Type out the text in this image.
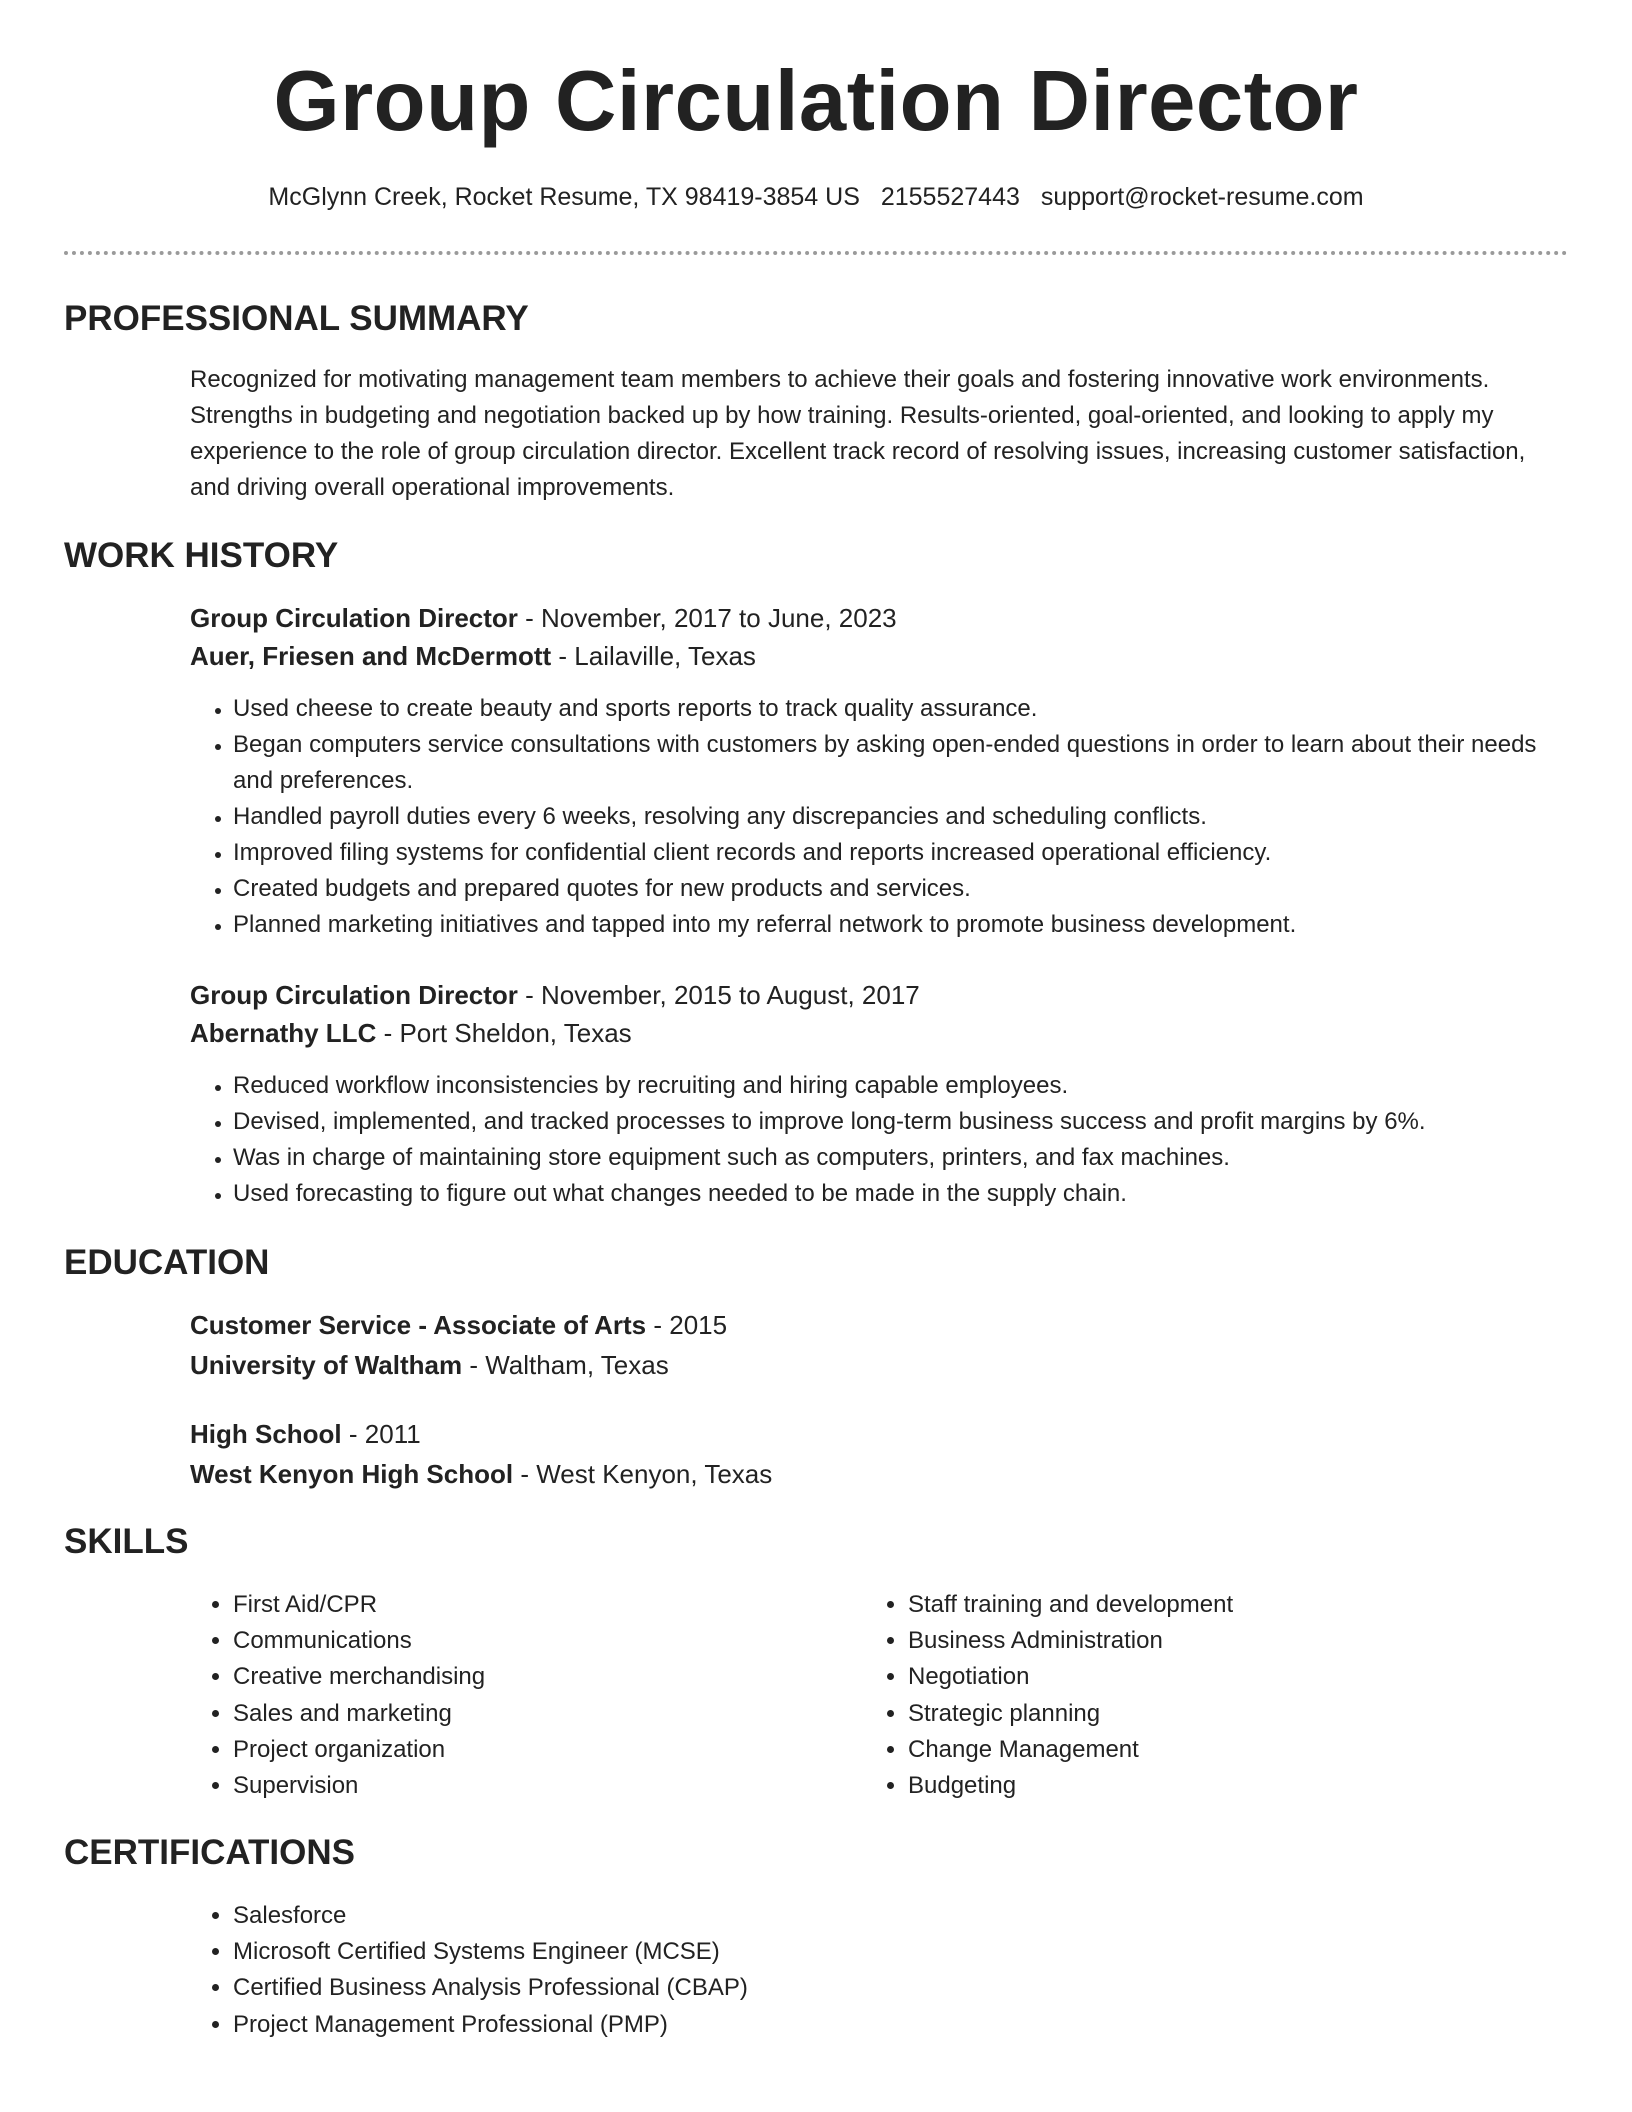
Group Circulation Director
McGlynn Creek, Rocket Resume, TX 98419-3854 US 2155527443 support@rocket-resume.com
PROFESSIONAL SUMMARY
Recognized for motivating management team members to achieve their goals and fostering innovative work environments. Strengths in budgeting and negotiation backed up by how training. Results-oriented, goal-oriented, and looking to apply my experience to the role of group circulation director. Excellent track record of resolving issues, increasing customer satisfaction, and driving overall operational improvements.
WORK HISTORY
Group Circulation Director - November, 2017 to June, 2023
Auer, Friesen and McDermott - Lailaville, Texas
• Used cheese to create beauty and sports reports to track quality assurance.
• Began computers service consultations with customers by asking open-ended questions in order to learn about their needs and preferences.
• Handled payroll duties every 6 weeks, resolving any discrepancies and scheduling conflicts.
• Improved filing systems for confidential client records and reports increased operational efficiency.
• Created budgets and prepared quotes for new products and services.
• Planned marketing initiatives and tapped into my referral network to promote business development.
Group Circulation Director - November, 2015 to August, 2017
Abernathy LLC - Port Sheldon, Texas
• Reduced workflow inconsistencies by recruiting and hiring capable employees.
• Devised, implemented, and tracked processes to improve long-term business success and profit margins by 6%.
• Was in charge of maintaining store equipment such as computers, printers, and fax machines.
• Used forecasting to figure out what changes needed to be made in the supply chain.
EDUCATION
Customer Service - Associate of Arts - 2015
University of Waltham - Waltham, Texas
High School - 2011
West Kenyon High School - West Kenyon, Texas
SKILLS
• First Aid/CPR
• Communications
• Creative merchandising
• Sales and marketing
• Project organization
• Supervision
• Staff training and development
• Business Administration
• Negotiation
• Strategic planning
• Change Management
• Budgeting
CERTIFICATIONS
• Salesforce
• Microsoft Certified Systems Engineer (MCSE)
• Certified Business Analysis Professional (CBAP)
• Project Management Professional (PMP)
